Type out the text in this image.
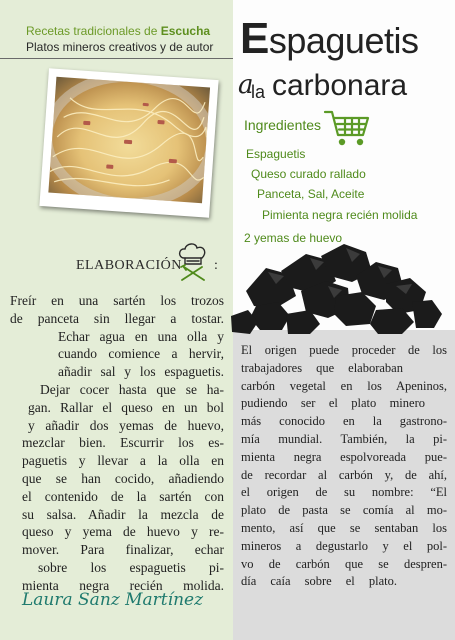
Recetas tradicionales de Escucha
Platos mineros creativos y de autor Espaguetis
a
la carbonara
Ingredientes
Espaguetis
Queso curado rallado
Panceta, Sal, Aceite
Pimienta negra recién molida
2 yemas de huevo
ELABORACIÓN :
Freír en una sartén los trozos
de panceta sin llegar a tostar.
Echar agua en una olla y
cuando comience a hervir,
añadir sal y los espaguetis.
Dejar cocer hasta que se ha-
gan. Rallar el queso en un bol
y añadir dos yemas de huevo,
mezclar bien. Escurrir los es-
paguetis y llevar a la olla en
que se han cocido, añadiendo
el contenido de la sartén con
su salsa. Añadir la mezcla de
queso y yema de huevo y re-
mover. Para finalizar, echar
sobre los espaguetis pi-
mienta negra recién molida.
Laura Sanz Martínez
El origen puede proceder de los
trabajadores que elaboraban
carbón vegetal en los Apeninos,
pudiendo ser el plato minero
más conocido en la gastrono-
mía mundial. También, la pi-
mienta negra espolvoreada pue-
de recordar al carbón y, de ahí,
el origen de su nombre: “El
plato de pasta se comía al mo-
mento, así que se sentaban los
mineros a degustarlo y el pol-
vo de carbón que se despren-
día caía sobre el plato.
